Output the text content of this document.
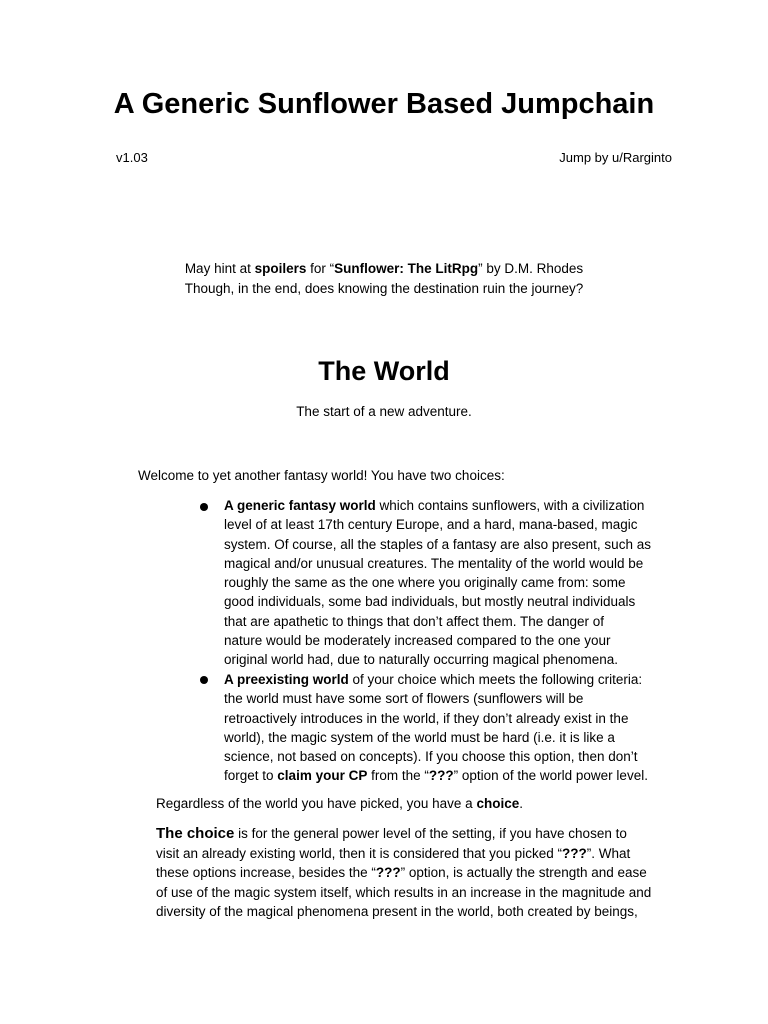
A Generic Sunflower Based Jumpchain
v1.03	Jump by u/Rarginto
May hint at spoilers for “Sunflower: The LitRpg” by D.M. Rhodes
Though, in the end, does knowing the destination ruin the journey?
The World
The start of a new adventure.
Welcome to yet another fantasy world! You have two choices:
A generic fantasy world which contains sunflowers, with a civilization
level of at least 17th century Europe, and a hard, mana-based, magic
system. Of course, all the staples of a fantasy are also present, such as
magical and/or unusual creatures. The mentality of the world would be
roughly the same as the one where you originally came from: some
good individuals, some bad individuals, but mostly neutral individuals
that are apathetic to things that don’t affect them. The danger of
nature would be moderately increased compared to the one your
original world had, due to naturally occurring magical phenomena.
A preexisting world of your choice which meets the following criteria:
the world must have some sort of flowers (sunflowers will be
retroactively introduces in the world, if they don’t already exist in the
world), the magic system of the world must be hard (i.e. it is like a
science, not based on concepts). If you choose this option, then don’t
forget to claim your CP from the “???” option of the world power level.
Regardless of the world you have picked, you have a choice.
The choice is for the general power level of the setting, if you have chosen to
visit an already existing world, then it is considered that you picked “???”. What
these options increase, besides the “???” option, is actually the strength and ease
of use of the magic system itself, which results in an increase in the magnitude and
diversity of the magical phenomena present in the world, both created by beings,
